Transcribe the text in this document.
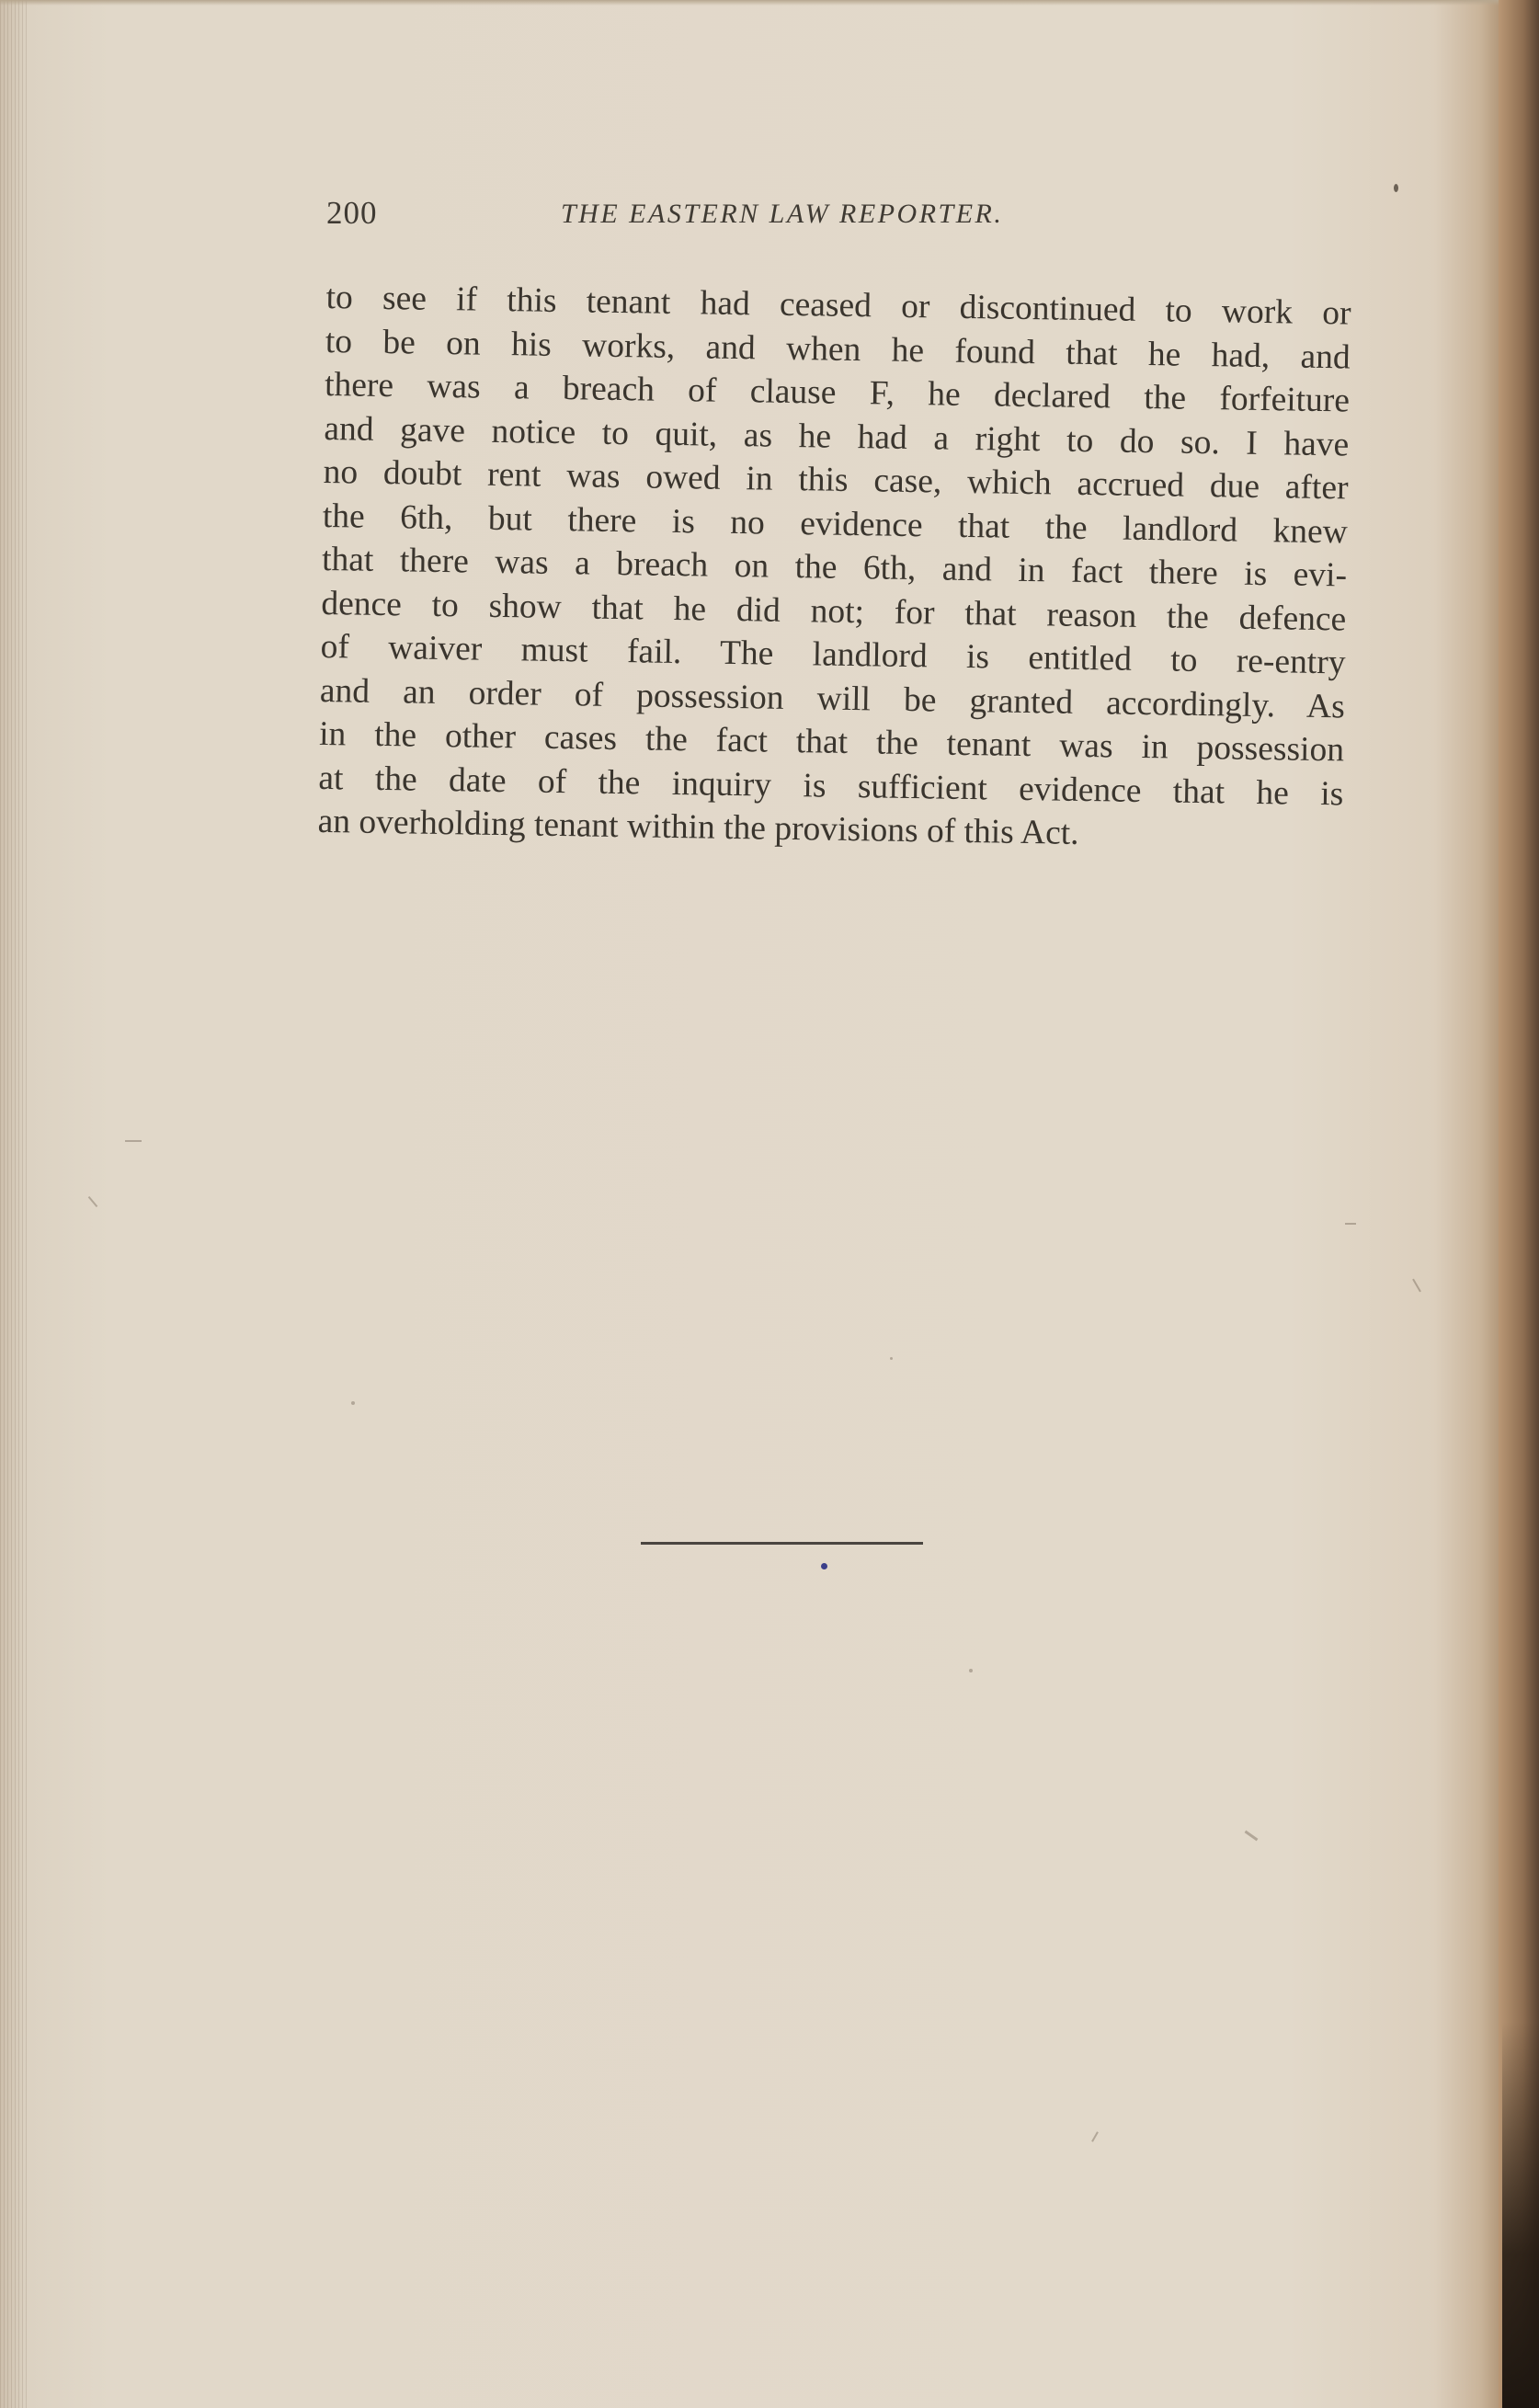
200	THE EASTERN LAW REPORTER.
to see if this tenant had ceased or discontinued to work or
to be on his works, and when he found that he had, and
there was a breach of clause F, he declared the forfeiture
and gave notice to quit, as he had a right to do so. I have
no doubt rent was owed in this case, which accrued due after
the 6th, but there is no evidence that the landlord knew
that there was a breach on the 6th, and in fact there is evi-
dence to show that he did not; for that reason the defence
of waiver must fail. The landlord is entitled to re-entry
and an order of possession will be granted accordingly. As
in the other cases the fact that the tenant was in possession
at the date of the inquiry is sufficient evidence that he is
an overholding tenant within the provisions of this Act.
